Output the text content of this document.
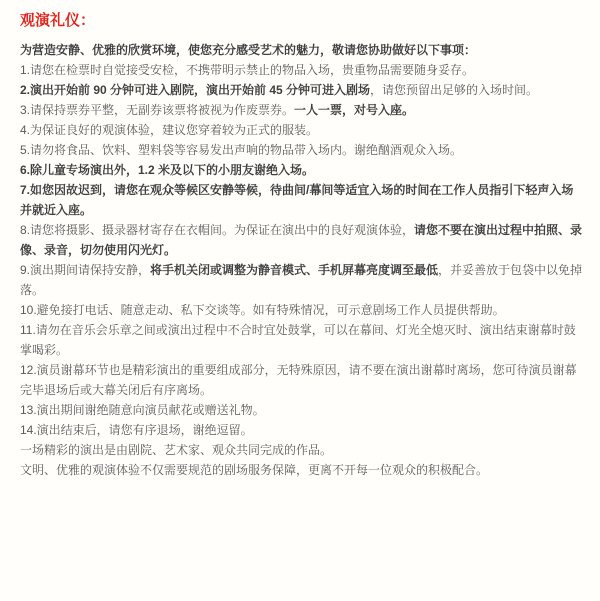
观演礼仪：

为营造安静、优雅的欣赏环境，使您充分感受艺术的魅力，敬请您协助做好以下事项：

1.请您在检票时自觉接受安检，不携带明示禁止的物品入场，贵重物品需要随身妥存。

2.演出开始前 90 分钟可进入剧院，演出开始前 45 分钟可进入剧场，请您预留出足够的入场时间。

3.请保持票券平整，无副券该票将被视为作废票券。一人一票，对号入座。

4.为保证良好的观演体验，建议您穿着较为正式的服装。

5.请勿将食品、饮料、塑料袋等容易发出声响的物品带入场内。谢绝酗酒观众入场。

6.除儿童专场演出外，1.2 米及以下的小朋友谢绝入场。

7.如您因故迟到，请您在观众等候区安静等候，待曲间/幕间等适宜入场的时间在工作人员指引下轻声入场并就近入座。

8.请您将摄影、摄录器材寄存在衣帽间。为保证在演出中的良好观演体验，请您不要在演出过程中拍照、录像、录音，切勿使用闪光灯。

9.演出期间请保持安静，将手机关闭或调整为静音模式、手机屏幕亮度调至最低，并妥善放于包袋中以免掉落。

10.避免接打电话、随意走动、私下交谈等。如有特殊情况，可示意剧场工作人员提供帮助。

11.请勿在音乐会乐章之间或演出过程中不合时宜处鼓掌，可以在幕间、灯光全熄灭时、演出结束谢幕时鼓掌喝彩。

12.演员谢幕环节也是精彩演出的重要组成部分，无特殊原因，请不要在演出谢幕时离场，您可待演员谢幕完毕退场后或大幕关闭后有序离场。

13.演出期间谢绝随意向演员献花或赠送礼物。

14.演出结束后，请您有序退场，谢绝逗留。

一场精彩的演出是由剧院、艺术家、观众共同完成的作品。

文明、优雅的观演体验不仅需要规范的剧场服务保障，更离不开每一位观众的积极配合。
